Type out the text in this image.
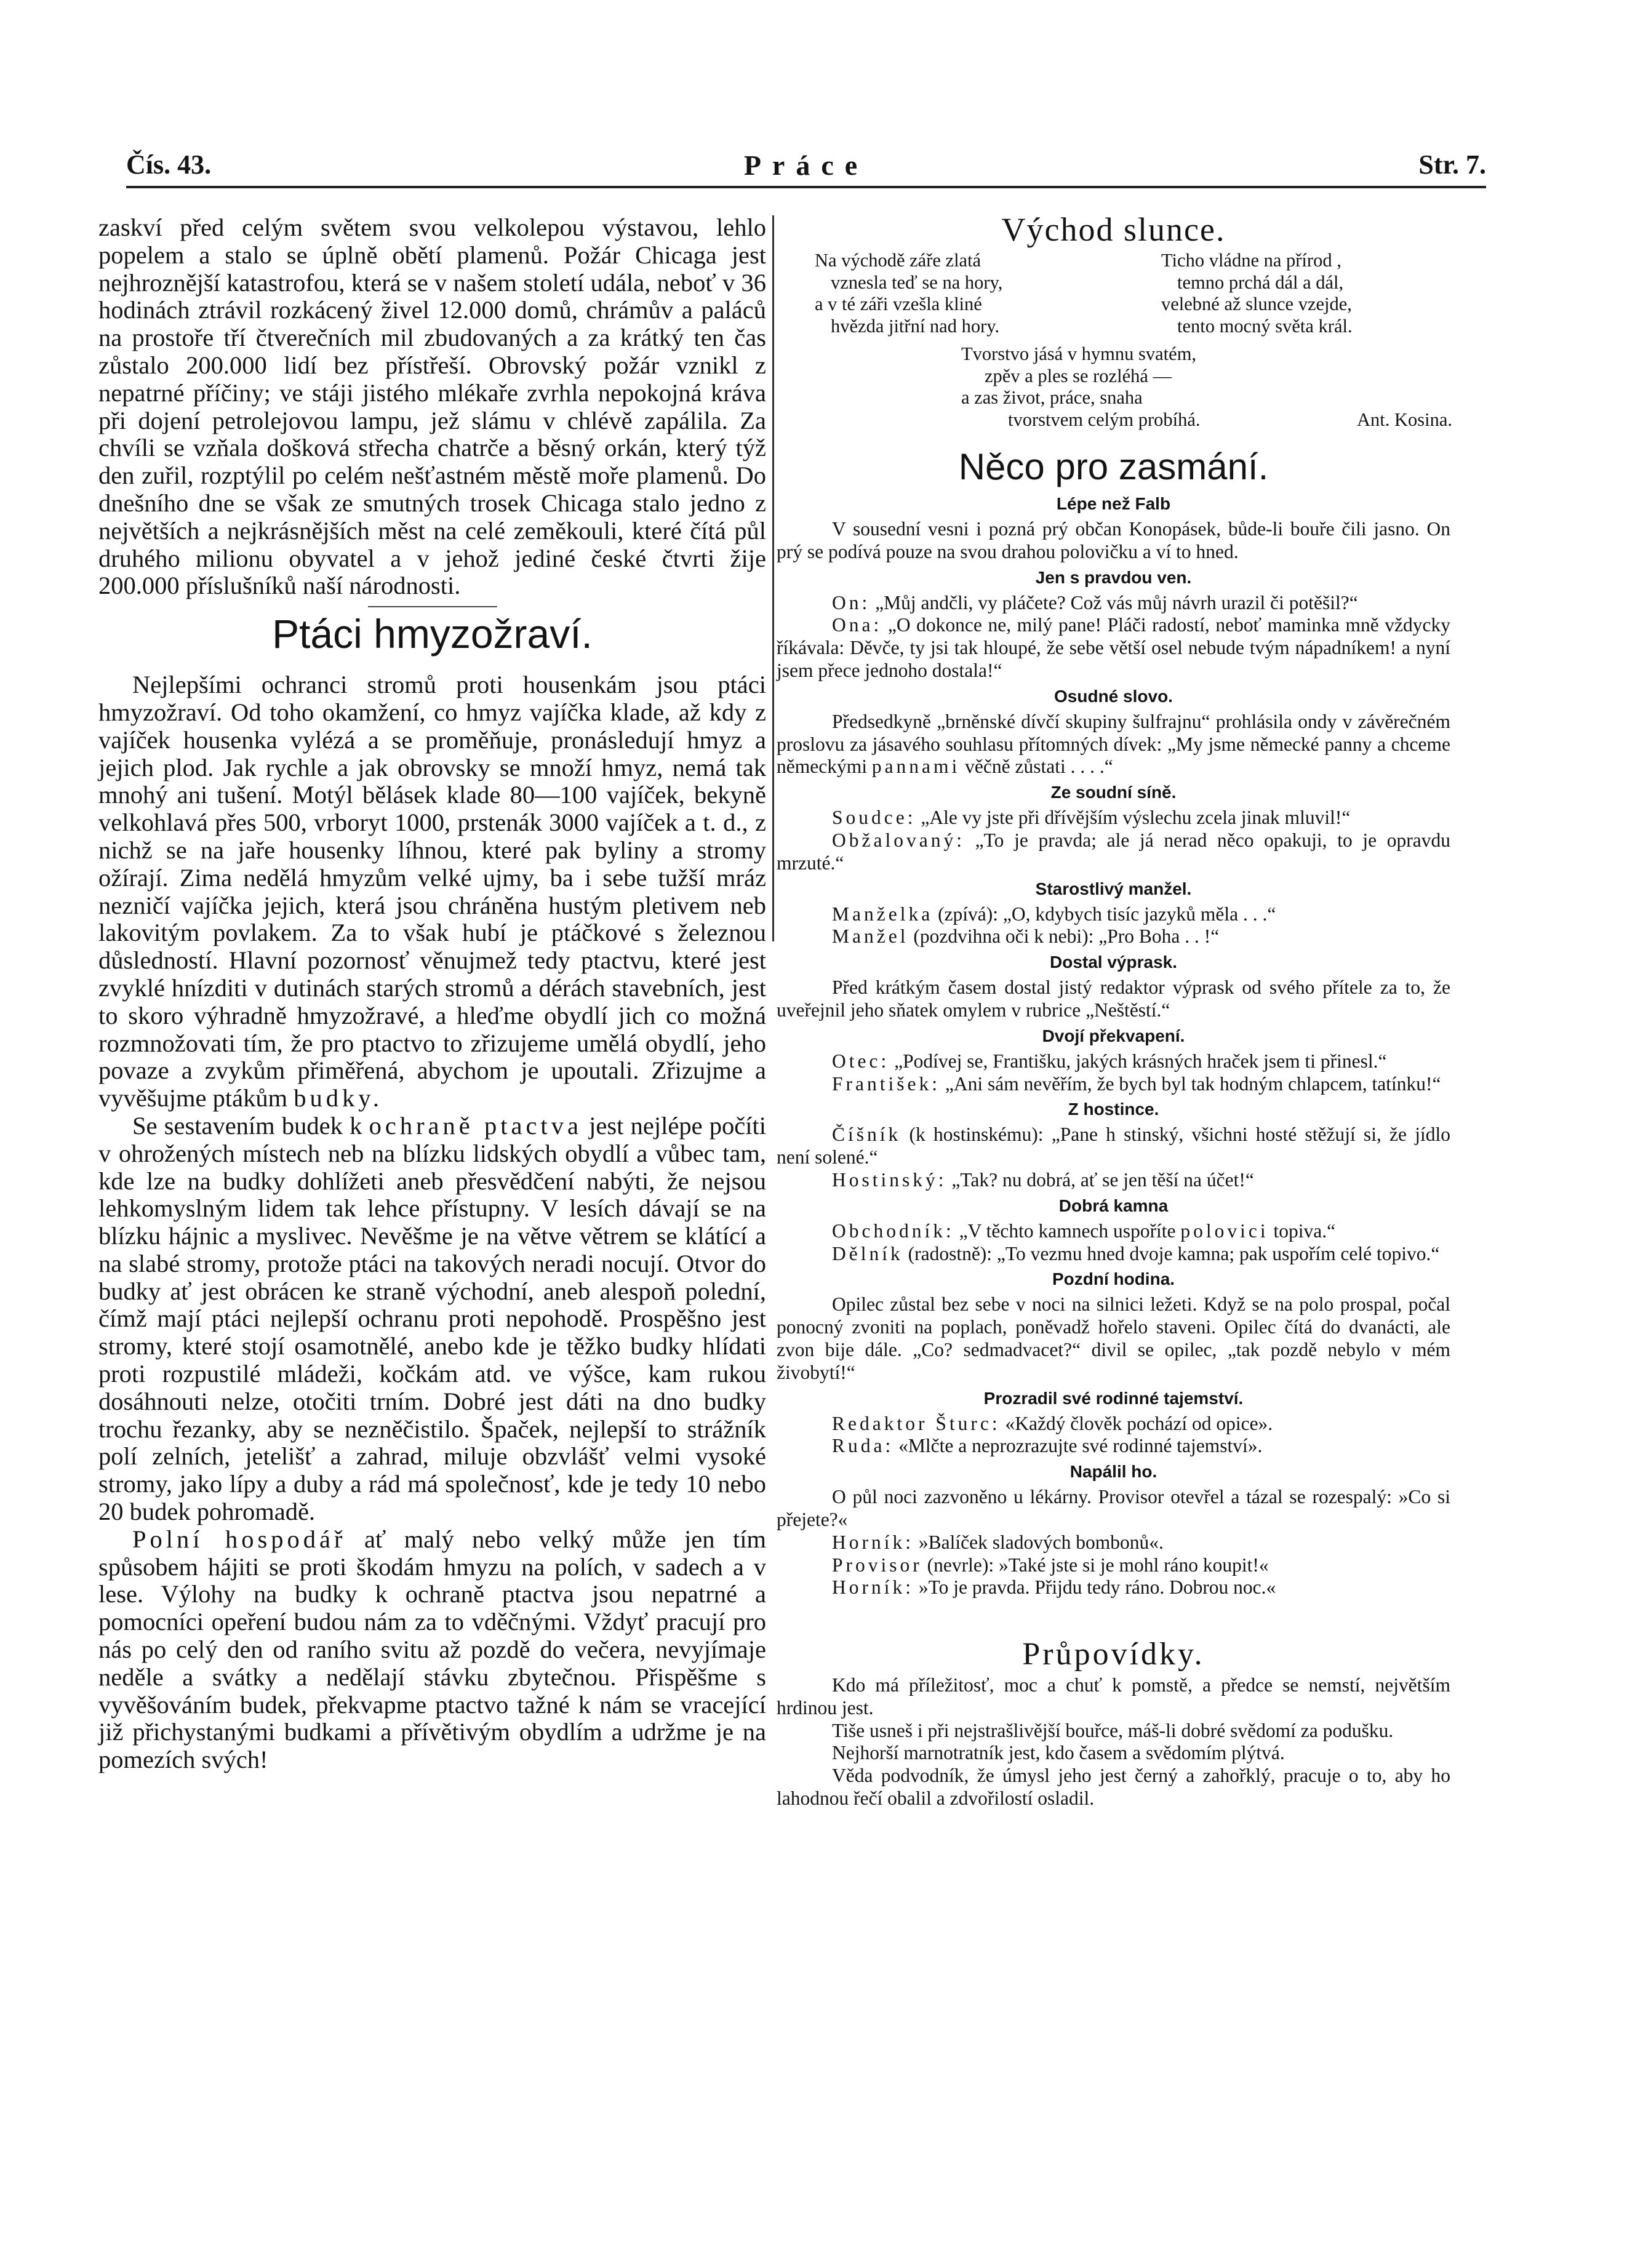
Čís. 43.	Práce	Str. 7.

zaskví před celým světem svou velkolepou výstavou, lehlo popelem a stalo se úplně obětí plamenů. Požár Chicaga jest nejhroznější katastrofou, která se v našem století udála, neboť v 36 hodinách ztrávil rozkácený živel 12.000 domů, chrámův a paláců na prostoře tří čtverečních mil zbudovaných a za krátký ten čas zůstalo 200.000 lidí bez přístřeší. Obrovský požár vznikl z nepatrné příčiny; ve stáji jistého mlékaře zvrhla nepokojná kráva při dojení petrolejovou lampu, jež slámu v chlévě zapálila. Za chvíli se vzňala došková střecha chatrče a běsný orkán, který týž den zuřil, rozptýlil po celém nešťastném městě moře plamenů. Do dnešního dne se však ze smutných trosek Chicaga stalo jedno z největších a nejkrásnějších měst na celé zeměkouli, které čítá půl druhého milionu obyvatel a v jehož jediné české čtvrti žije 200.000 příslušníků naší národnosti.

Ptáci hmyzožraví.

Nejlepšími ochranci stromů proti housenkám jsou ptáci hmyzožraví. Od toho okamžení, co hmyz vajíčka klade, až kdy z vajíček housenka vylézá a se proměňuje, pronásledují hmyz a jejich plod. Jak rychle a jak obrovsky se množí hmyz, nemá tak mnohý ani tušení. Motýl bělásek klade 80—100 vajíček, bekyně velkohlavá přes 500, vrboryt 1000, prstenák 3000 vajíček a t. d., z nichž se na jaře housenky líhnou, které pak byliny a stromy ožírají. Zima nedělá hmyzům velké ujmy, ba i sebe tužší mráz nezničí vajíčka jejich, která jsou chráněna hustým pletivem neb lakovitým povlakem. Za to však hubí je ptáčkové s železnou důsledností. Hlavní pozornosť věnujmež tedy ptactvu, které jest zvyklé hnízditi v dutinách starých stromů a dérách stavebních, jest to skoro výhradně hmyzožravé, a hleďme obydlí jich co možná rozmnožovati tím, že pro ptactvo to zřizujeme umělá obydlí, jeho povaze a zvykům přiměřená, abychom je upoutali. Zřizujme a vyvěšujme ptákům budky.

Se sestavením budek k ochraně ptactva jest nejlépe počíti v ohrožených místech neb na blízku lidských obydlí a vůbec tam, kde lze na budky dohlížeti aneb přesvědčení nabýti, že nejsou lehkomyslným lidem tak lehce přístupny. V lesích dávají se na blízku hájnic a myslivec. Nevěšme je na větve větrem se klátící a na slabé stromy, protože ptáci na takových neradi nocují. Otvor do budky ať jest obrácen ke straně východní, aneb alespoň polední, čímž mají ptáci nejlepší ochranu proti nepohodě. Prospěšno jest stromy, které stojí osamotnělé, anebo kde je těžko budky hlídati proti rozpustilé mládeži, kočkám atd. ve výšce, kam rukou dosáhnouti nelze, otočiti trním. Dobré jest dáti na dno budky trochu řezanky, aby se nezněčistilo. Špaček, nejlepší to strážník polí zelních, jetelišť a zahrad, miluje obzvlášť velmi vysoké stromy, jako lípy a duby a rád má společnosť, kde je tedy 10 nebo 20 budek pohromadě.

Polní hospodář ať malý nebo velký může jen tím spůsobem hájiti se proti škodám hmyzu na polích, v sadech a v lese. Výlohy na budky k ochraně ptactva jsou nepatrné a pomocníci opeření budou nám za to vděčnými. Vždyť pracují pro nás po celý den od raního svitu až pozdě do večera, nevyjímaje neděle a svátky a nedělají stávku zbytečnou. Přispěšme s vyvěšováním budek, překvapme ptactvo tažné k nám se vracející již přichystanými budkami a přívětivým obydlím a udržme je na pomezích svých!

Východ slunce.
Na východě záře zlatá
vznesla teď se na hory,
a v té záři vzešla kliné
hvězda jitřní nad hory.
Ticho vládne na přírod ,
temno prchá dál a dál,
velebné až slunce vzejde,
tento mocný světa král.
Tvorstvo jásá v hymnu svatém,
zpěv a ples se rozléhá —
a zas život, práce, snaha
tvorstvem celým probíhá.	Ant. Kosina.
Něco pro zasmání.
Lépe než Falb

V sousední vesni i pozná prý občan Konopásek, bůde-li bouře čili jasno. On prý se podívá pouze na svou drahou polovičku a ví to hned.

Jen s pravdou ven.

On: „Můj andčli, vy pláčete? Což vás můj návrh urazil či potěšil?“

Ona: „O dokonce ne, milý pane! Pláči radostí, neboť maminka mně vždycky říkávala: Děvče, ty jsi tak hloupé, že sebe větší osel nebude tvým nápadníkem! a nyní jsem přece jednoho dostala!“

Osudné slovo.

Předsedkyně „brněnské dívčí skupiny šulfrajnu“ prohlásila ondy v závěrečném proslovu za jásavého souhlasu přítomných dívek: „My jsme německé panny a chceme německými pannami věčně zůstati . . . .“

Ze soudní síně.

Soudce: „Ale vy jste při dřívějším výslechu zcela jinak mluvil!“

Obžalovaný: „To je pravda; ale já nerad něco opakuji, to je opravdu mrzuté.“

Starostlivý manžel.

Manželka (zpívá): „O, kdybych tisíc jazyků měla . . .“

Manžel (pozdvihna oči k nebi): „Pro Boha . . !“

Dostal výprask.

Před krátkým časem dostal jistý redaktor výprask od svého přítele za to, že uveřejnil jeho sňatek omylem v rubrice „Neštěstí.“

Dvojí překvapení.

Otec: „Podívej se, Františku, jakých krásných hraček jsem ti přinesl.“

František: „Ani sám nevěřím, že bych byl tak hodným chlapcem, tatínku!“

Z hostince.

Číšník (k hostinskému): „Pane h stinský, všichni hosté stěžují si, že jídlo není solené.“

Hostinský: „Tak? nu dobrá, ať se jen těší na účet!“

Dobrá kamna

Obchodník: „V těchto kamnech uspoříte polovici topiva.“

Dělník (radostně): „To vezmu hned dvoje kamna; pak uspořím celé topivo.“

Pozdní hodina.

Opilec zůstal bez sebe v noci na silnici ležeti. Když se na polo prospal, počal ponocný zvoniti na poplach, poněvadž hořelo staveni. Opilec čítá do dvanácti, ale zvon bije dále. „Co? sedmadvacet?“ divil se opilec, „tak pozdě nebylo v mém živobytí!“

Prozradil své rodinné tajemství.

Redaktor Šturc: «Každý člověk pochází od opice».

Ruda: «Mlčte a neprozrazujte své rodinné tajemství».

Napálil ho.

O půl noci zazvoněno u lékárny. Provisor otevřel a tázal se rozespalý: »Co si přejete?«

Horník: »Balíček sladových bombonů«.

Provisor (nevrle): »Také jste si je mohl ráno koupit!«

Horník: »To je pravda. Přijdu tedy ráno. Dobrou noc.«

Průpovídky.

Kdo má příležitosť, moc a chuť k pomstě, a předce se nemstí, největším hrdinou jest.

Tiše usneš i při nejstrašlivější bouřce, máš-li dobré svědomí za podušku.

Nejhorší marnotratník jest, kdo časem a svědomím plýtvá.

Věda podvodník, že úmysl jeho jest černý a zahořklý, pracuje o to, aby ho lahodnou řečí obalil a zdvořilostí osladil.
